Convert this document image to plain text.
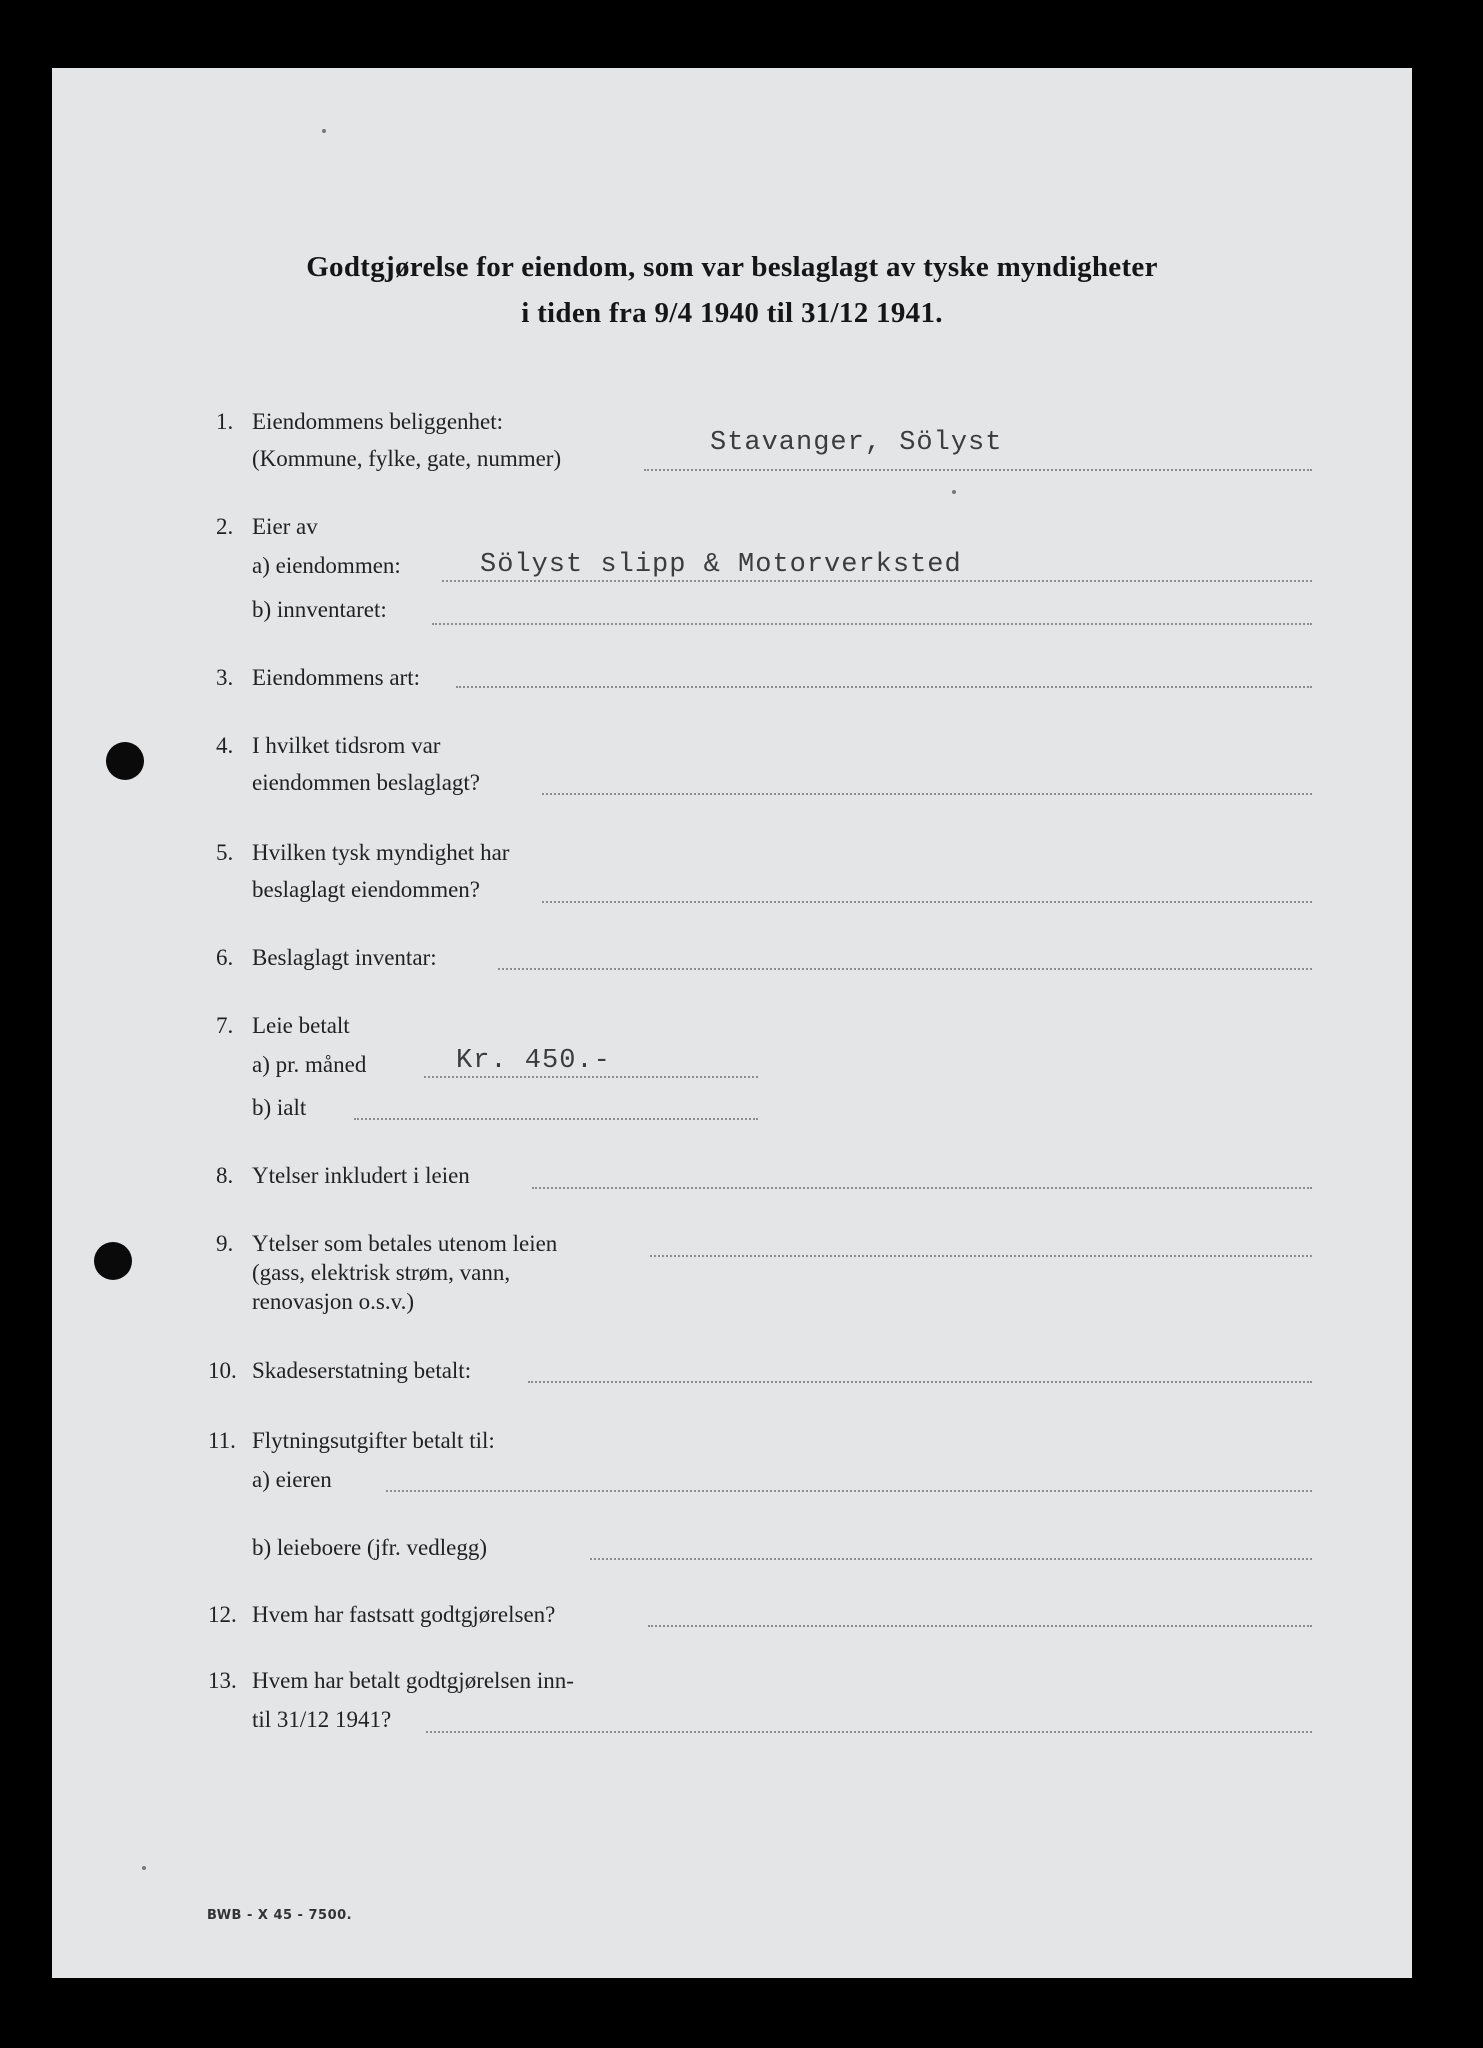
Godtgjørelse for eiendom, som var beslaglagt av tyske myndigheter
i tiden fra 9/4 1940 til 31/12 1941.
1. Eiendommens beliggenhet:
(Kommune, fylke, gate, nummer)
Stavanger, Sölyst
2. Eier av
a) eiendommen:	Sölyst slipp & Motorverksted
b) innventaret:
3. Eiendommens art:
4. I hvilket tidsrom var
eiendommen beslaglagt?
5. Hvilken tysk myndighet har
beslaglagt eiendommen?
6. Beslaglagt inventar:
7. Leie betalt
a) pr. måned	Kr. 450.-
b) ialt
8. Ytelser inkludert i leien
9. Ytelser som betales utenom leien
(gass, elektrisk strøm, vann,
renovasjon o.s.v.)
10. Skadeserstatning betalt:
11. Flytningsutgifter betalt til:
a) eieren
b) leieboere (jfr. vedlegg)
12. Hvem har fastsatt godtgjørelsen?
13. Hvem har betalt godtgjørelsen inn-
til 31/12 1941?
BWB - X 45 - 7500.
